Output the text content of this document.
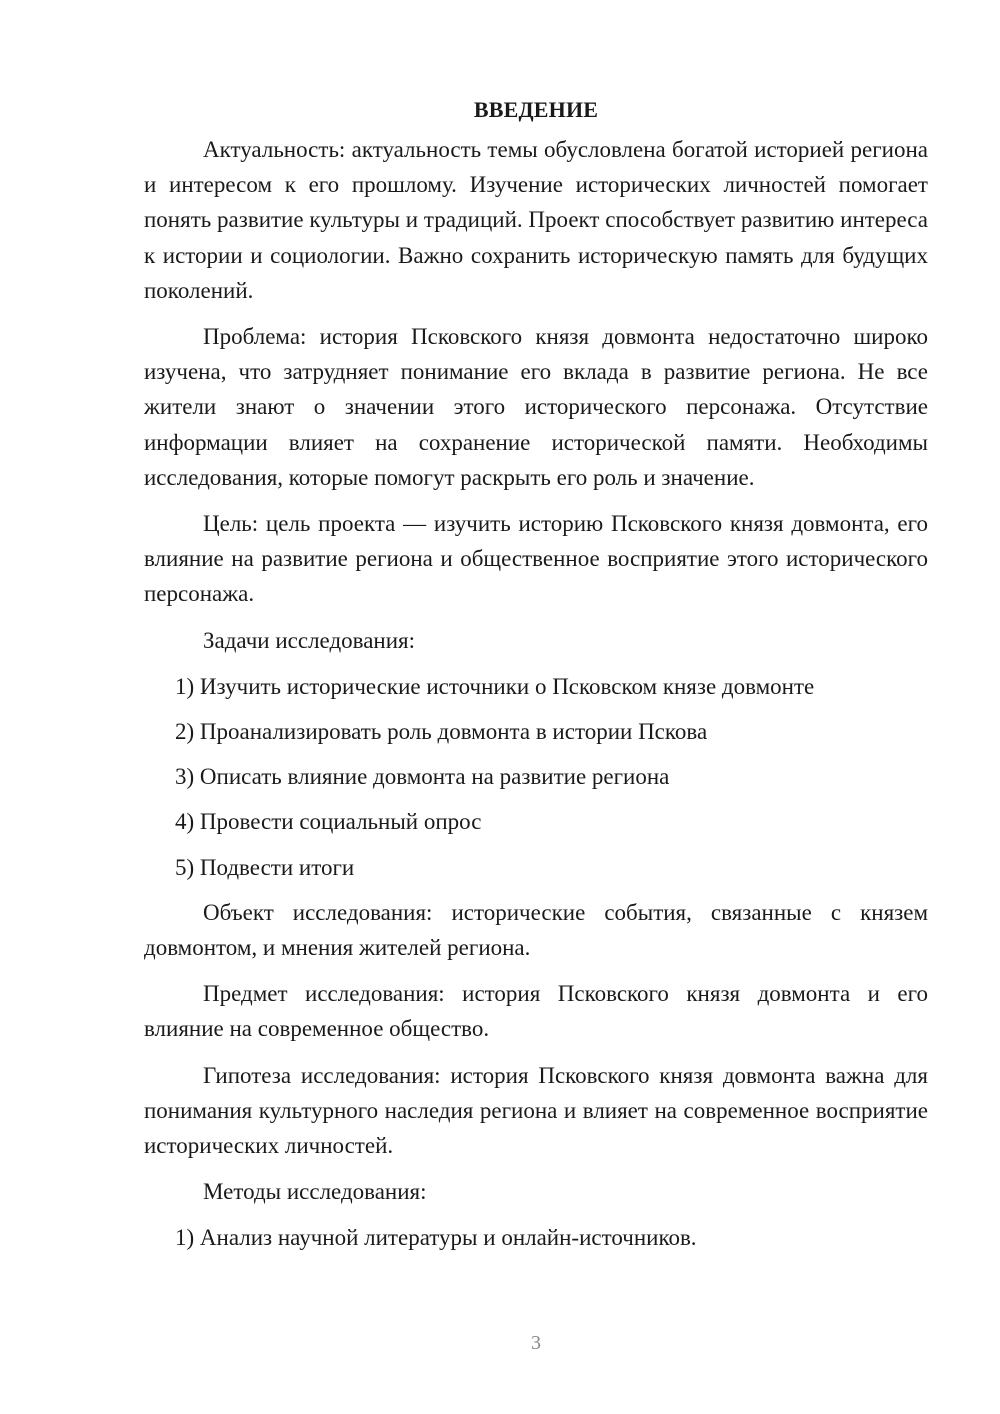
ВВЕДЕНИЕ

Актуальность: актуальность темы обусловлена богатой историей региона и интересом к его прошлому. Изучение исторических личностей помогает понять развитие культуры и традиций. Проект способствует развитию интереса к истории и социологии. Важно сохранить историческую память для будущих поколений.

Проблема: история Псковского князя довмонта недостаточно широко изучена, что затрудняет понимание его вклада в развитие региона. Не все жители знают о значении этого исторического персонажа. Отсутствие информации влияет на сохранение исторической памяти. Необходимы исследования, которые помогут раскрыть его роль и значение.

Цель: цель проекта — изучить историю Псковского князя довмонта, его влияние на развитие региона и общественное восприятие этого исторического персонажа.

Задачи исследования:

1) Изучить исторические источники о Псковском князе довмонте
2) Проанализировать роль довмонта в истории Пскова
3) Описать влияние довмонта на развитие региона
4) Провести социальный опрос
5) Подвести итоги

Объект исследования: исторические события, связанные с князем довмонтом, и мнения жителей региона.

Предмет исследования: история Псковского князя довмонта и его влияние на современное общество.

Гипотеза исследования: история Псковского князя довмонта важна для понимания культурного наследия региона и влияет на современное восприятие исторических личностей.

Методы исследования:

1) Анализ научной литературы и онлайн-источников.
3
